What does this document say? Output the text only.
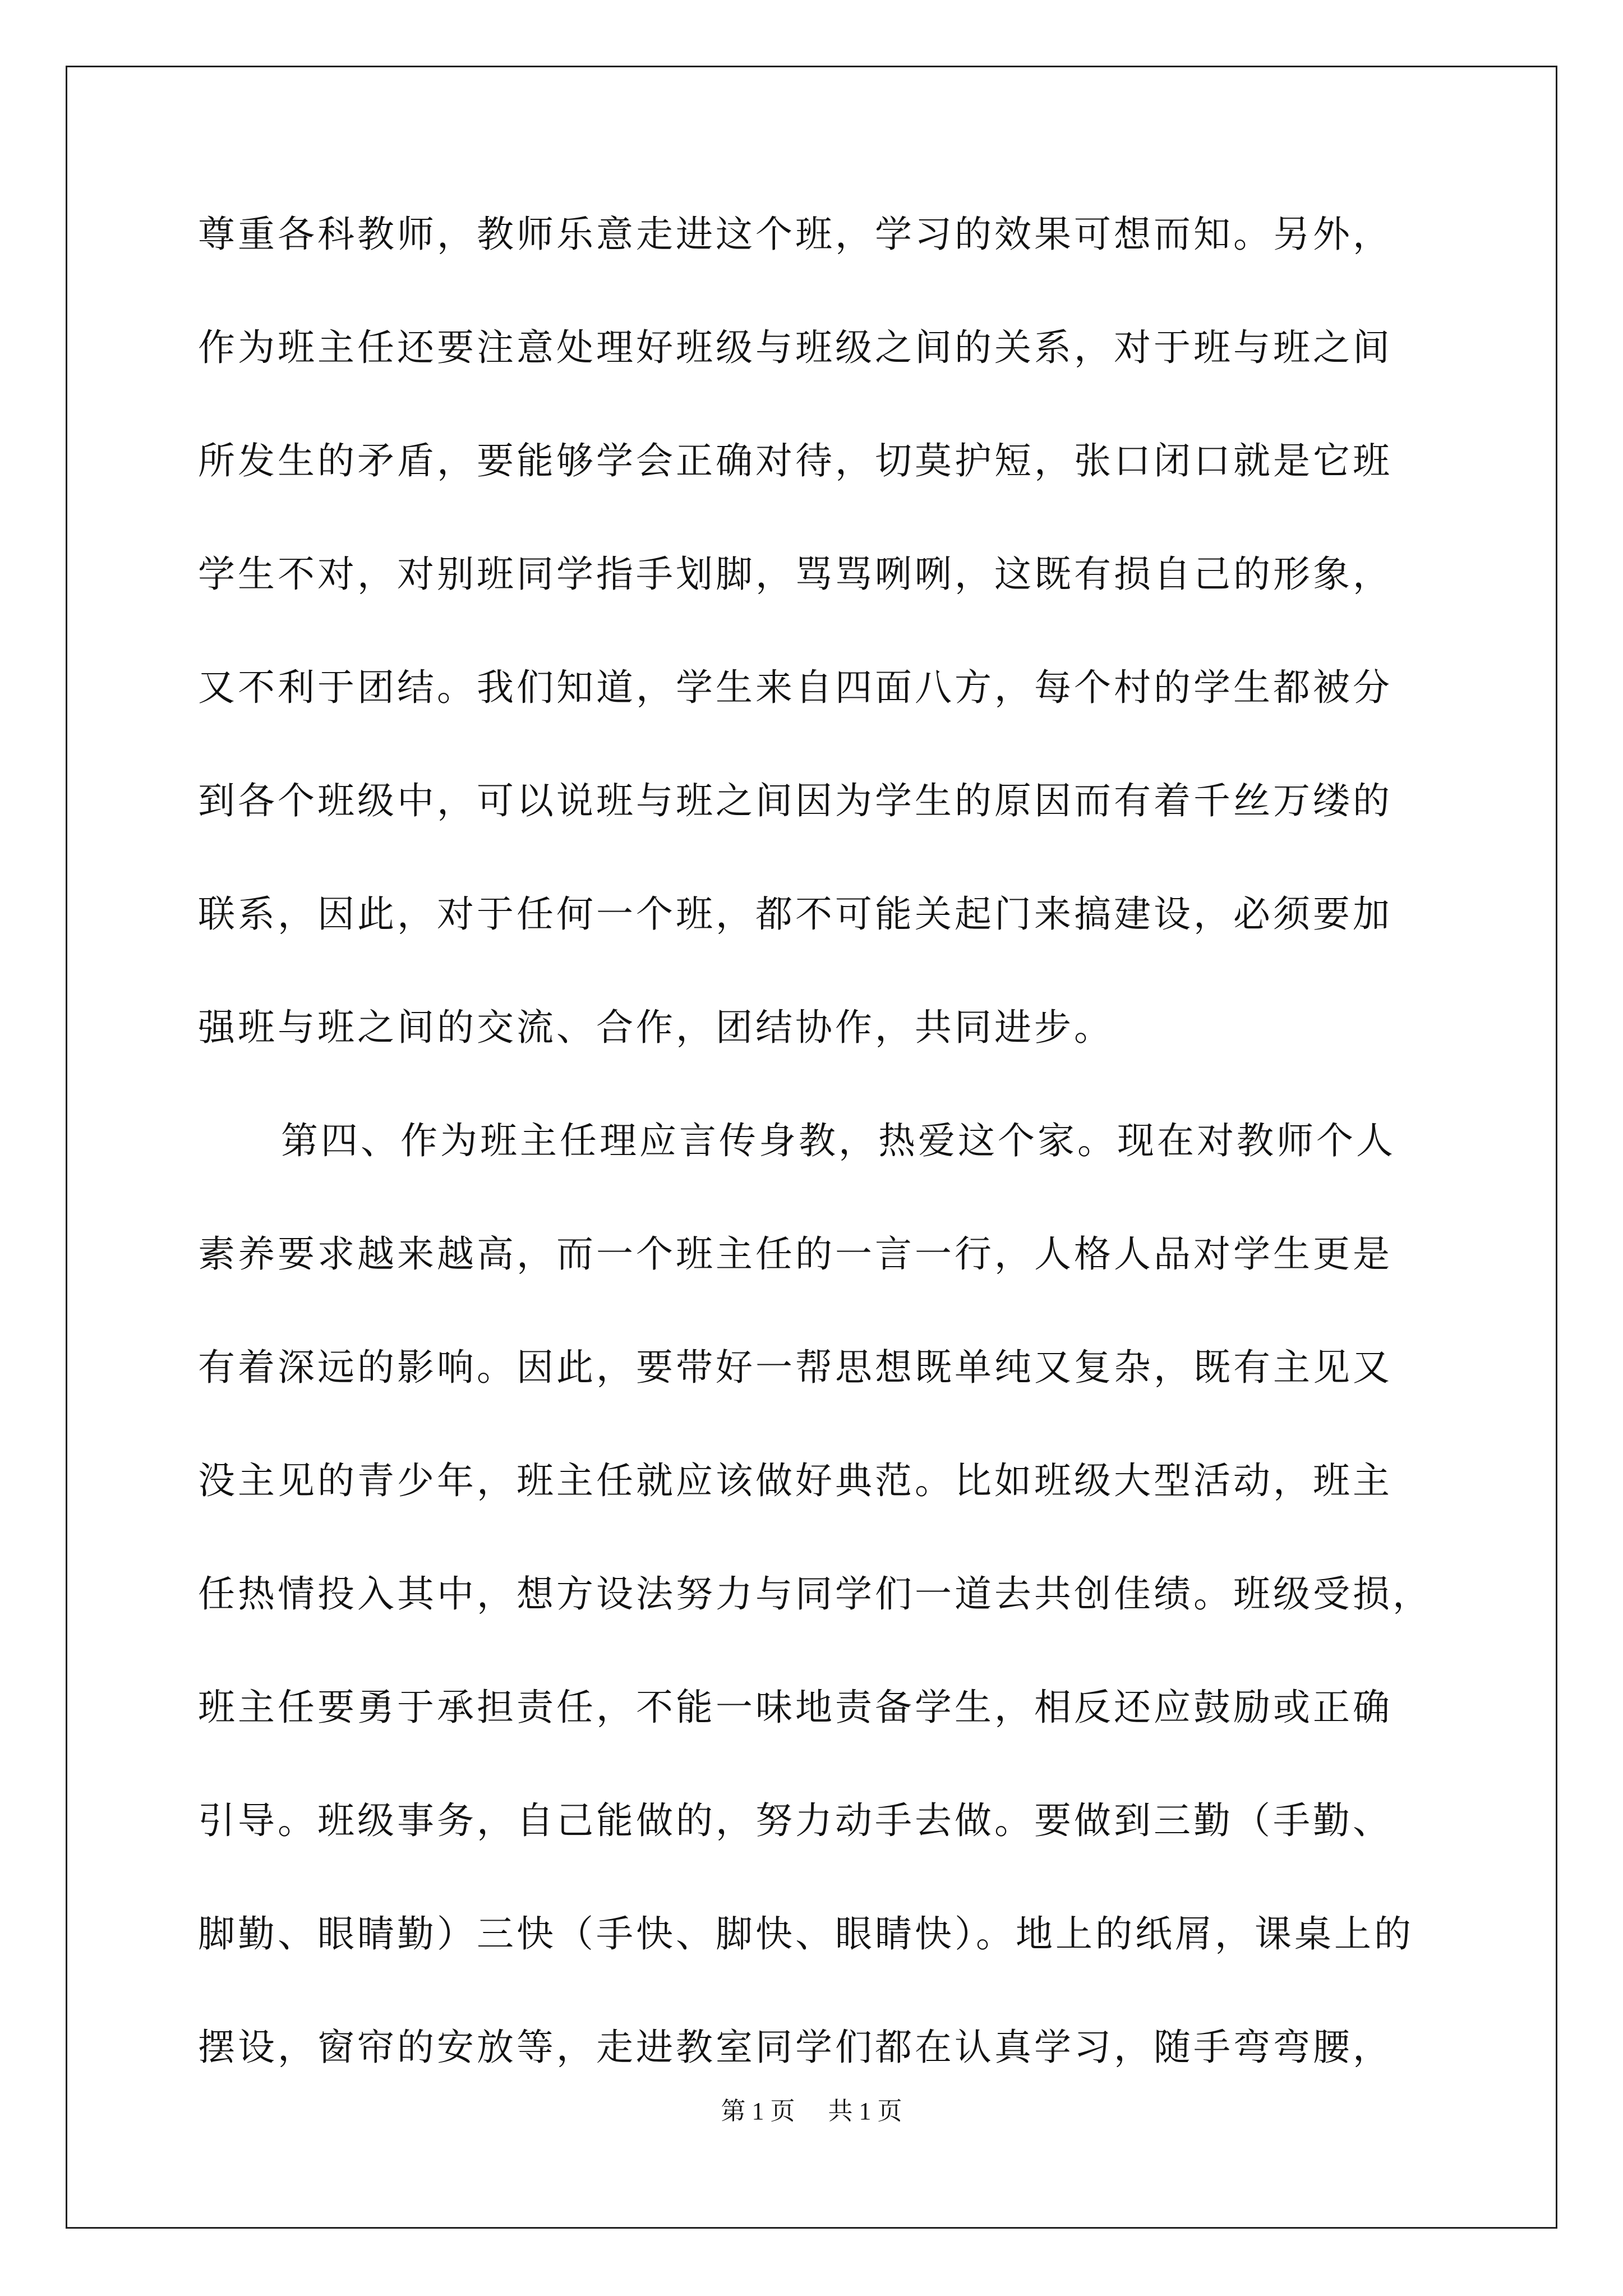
尊重各科教师，教师乐意走进这个班，学习的效果可想而知。另外，
作为班主任还要注意处理好班级与班级之间的关系，对于班与班之间
所发生的矛盾，要能够学会正确对待，切莫护短，张口闭口就是它班
学生不对，对别班同学指手划脚，骂骂咧咧，这既有损自己的形象，
又不利于团结。我们知道，学生来自四面八方，每个村的学生都被分
到各个班级中，可以说班与班之间因为学生的原因而有着千丝万缕的
联系，因此，对于任何一个班，都不可能关起门来搞建设，必须要加
强班与班之间的交流、合作，团结协作，共同进步。
第四、作为班主任理应言传身教，热爱这个家。现在对教师个人
素养要求越来越高，而一个班主任的一言一行，人格人品对学生更是
有着深远的影响。因此，要带好一帮思想既单纯又复杂，既有主见又
没主见的青少年，班主任就应该做好典范。比如班级大型活动，班主
任热情投入其中，想方设法努力与同学们一道去共创佳绩。班级受损，
班主任要勇于承担责任，不能一味地责备学生，相反还应鼓励或正确
引导。班级事务，自己能做的，努力动手去做。要做到三勤（手勤、
脚勤、眼睛勤）三快（手快、脚快、眼睛快）。地上的纸屑，课桌上的
摆设，窗帘的安放等，走进教室同学们都在认真学习，随手弯弯腰，
第 1 页 共 1 页
